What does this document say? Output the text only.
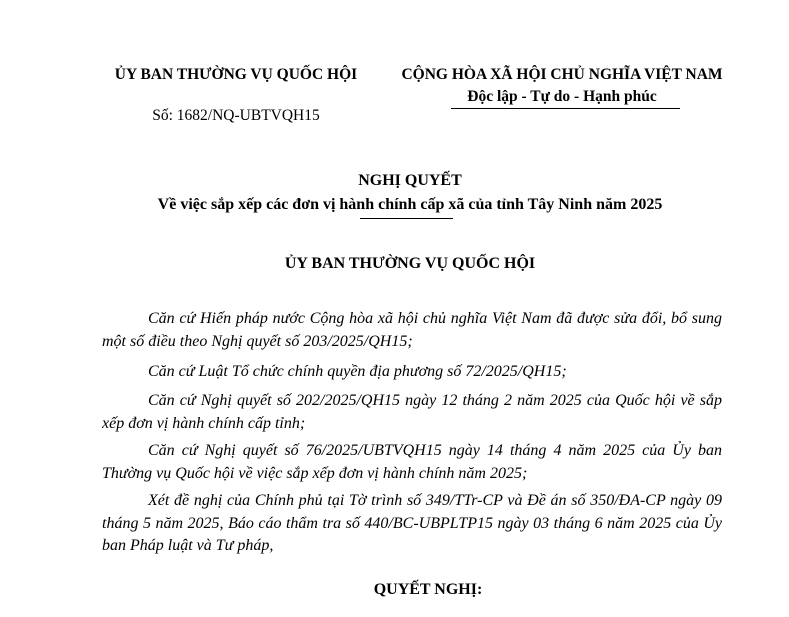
ỦY BAN THƯỜNG VỤ QUỐC HỘI
Số: 1682/NQ-UBTVQH15
CỘNG HÒA XÃ HỘI CHỦ NGHĨA VIỆT NAM
Độc lập - Tự do - Hạnh phúc
NGHỊ QUYẾT
Về việc sắp xếp các đơn vị hành chính cấp xã của tỉnh Tây Ninh năm 2025
ỦY BAN THƯỜNG VỤ QUỐC HỘI

Căn cứ Hiến pháp nước Cộng hòa xã hội chủ nghĩa Việt Nam đã được sửa đổi, bổ sung một số điều theo Nghị quyết số 203/2025/QH15;

Căn cứ Luật Tổ chức chính quyền địa phương số 72/2025/QH15;

Căn cứ Nghị quyết số 202/2025/QH15 ngày 12 tháng 2 năm 2025 của Quốc hội về sắp xếp đơn vị hành chính cấp tỉnh;

Căn cứ Nghị quyết số 76/2025/UBTVQH15 ngày 14 tháng 4 năm 2025 của Ủy ban Thường vụ Quốc hội về việc sắp xếp đơn vị hành chính năm 2025;

Xét đề nghị của Chính phủ tại Tờ trình số 349/TTr-CP và Đề án số 350/ĐA-CP ngày 09 tháng 5 năm 2025, Báo cáo thẩm tra số 440/BC-UBPLTP15 ngày 03 tháng 6 năm 2025 của Ủy ban Pháp luật và Tư pháp,

QUYẾT NGHỊ:
